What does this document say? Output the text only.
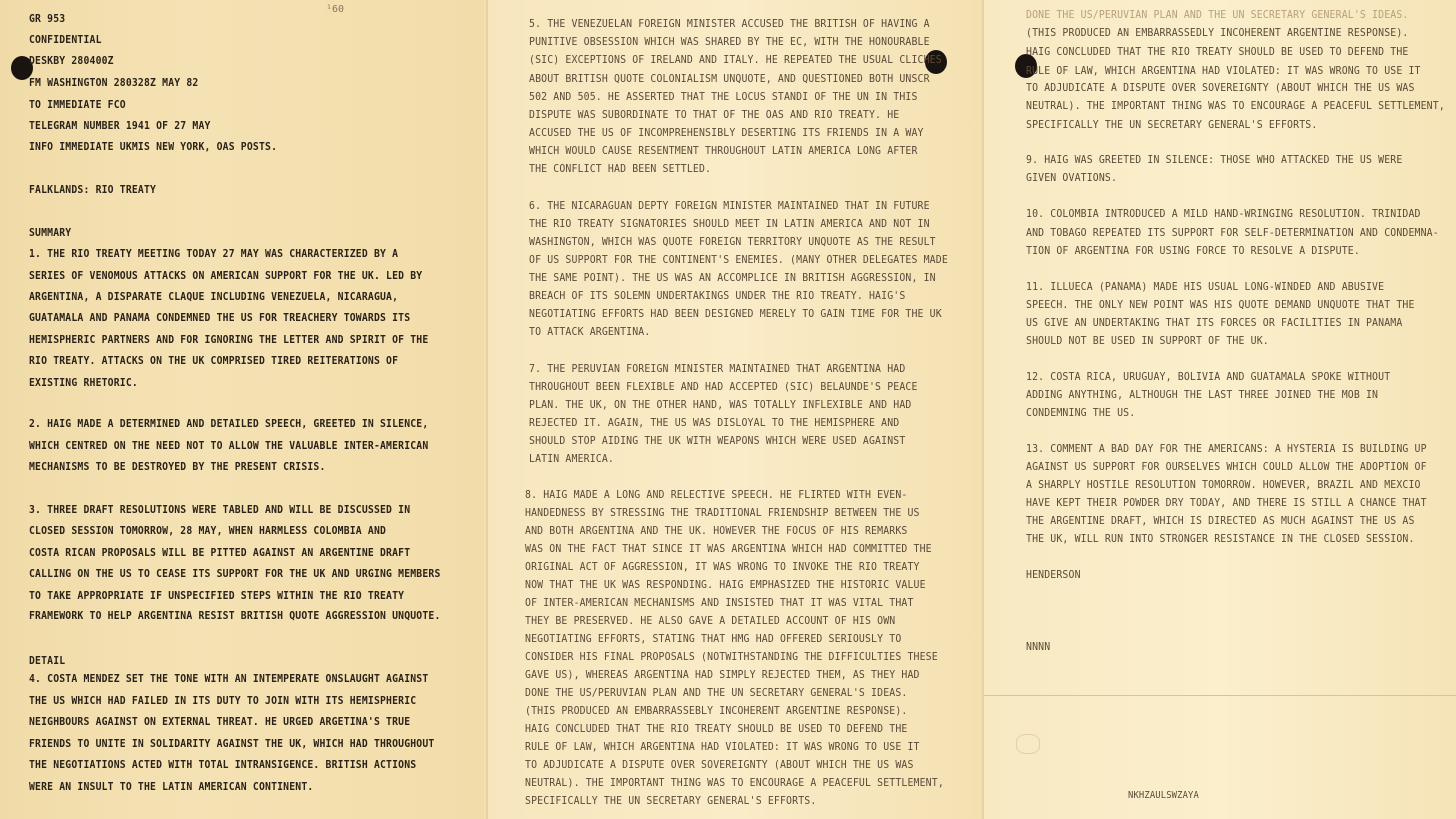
¹60
GR 953
CONFIDENTIAL
DESKBY 280400Z
FM WASHINGTON 280328Z MAY 82
TO IMMEDIATE FCO
TELEGRAM NUMBER 1941 OF 27 MAY
INFO IMMEDIATE UKMIS NEW YORK, OAS POSTS.
FALKLANDS: RIO TREATY
SUMMARY
1. THE RIO TREATY MEETING TODAY 27 MAY WAS CHARACTERIZED BY A
SERIES OF VENOMOUS ATTACKS ON AMERICAN SUPPORT FOR THE UK. LED BY
ARGENTINA, A DISPARATE CLAQUE INCLUDING VENEZUELA, NICARAGUA,
GUATAMALA AND PANAMA CONDEMNED THE US FOR TREACHERY TOWARDS ITS
HEMISPHERIC PARTNERS AND FOR IGNORING THE LETTER AND SPIRIT OF THE
RIO TREATY. ATTACKS ON THE UK COMPRISED TIRED REITERATIONS OF
EXISTING RHETORIC.
2. HAIG MADE A DETERMINED AND DETAILED SPEECH, GREETED IN SILENCE,
WHICH CENTRED ON THE NEED NOT TO ALLOW THE VALUABLE INTER-AMERICAN
MECHANISMS TO BE DESTROYED BY THE PRESENT CRISIS.
3. THREE DRAFT RESOLUTIONS WERE TABLED AND WILL BE DISCUSSED IN
CLOSED SESSION TOMORROW, 28 MAY, WHEN HARMLESS COLOMBIA AND
COSTA RICAN PROPOSALS WILL BE PITTED AGAINST AN ARGENTINE DRAFT
CALLING ON THE US TO CEASE ITS SUPPORT FOR THE UK AND URGING MEMBERS
TO TAKE APPROPRIATE IF UNSPECIFIED STEPS WITHIN THE RIO TREATY
FRAMEWORK TO HELP ARGENTINA RESIST BRITISH QUOTE AGGRESSION UNQUOTE.
DETAIL
4. COSTA MENDEZ SET THE TONE WITH AN INTEMPERATE ONSLAUGHT AGAINST
THE US WHICH HAD FAILED IN ITS DUTY TO JOIN WITH ITS HEMISPHERIC
NEIGHBOURS AGAINST ON EXTERNAL THREAT. HE URGED ARGETINA'S TRUE
FRIENDS TO UNITE IN SOLIDARITY AGAINST THE UK, WHICH HAD THROUGHOUT
THE NEGOTIATIONS ACTED WITH TOTAL INTRANSIGENCE. BRITISH ACTIONS
WERE AN INSULT TO THE LATIN AMERICAN CONTINENT.
5. THE VENEZUELAN FOREIGN MINISTER ACCUSED THE BRITISH OF HAVING A
PUNITIVE OBSESSION WHICH WAS SHARED BY THE EC, WITH THE HONOURABLE
(SIC) EXCEPTIONS OF IRELAND AND ITALY. HE REPEATED THE USUAL CLICHES
ABOUT BRITISH QUOTE COLONIALISM UNQUOTE, AND QUESTIONED BOTH UNSCR
502 AND 505. HE ASSERTED THAT THE LOCUS STANDI OF THE UN IN THIS
DISPUTE WAS SUBORDINATE TO THAT OF THE OAS AND RIO TREATY. HE
ACCUSED THE US OF INCOMPREHENSIBLY DESERTING ITS FRIENDS IN A WAY
WHICH WOULD CAUSE RESENTMENT THROUGHOUT LATIN AMERICA LONG AFTER
THE CONFLICT HAD BEEN SETTLED.
6. THE NICARAGUAN DEPTY FOREIGN MINISTER MAINTAINED THAT IN FUTURE
THE RIO TREATY SIGNATORIES SHOULD MEET IN LATIN AMERICA AND NOT IN
WASHINGTON, WHICH WAS QUOTE FOREIGN TERRITORY UNQUOTE AS THE RESULT
OF US SUPPORT FOR THE CONTINENT'S ENEMIES. (MANY OTHER DELEGATES MADE
THE SAME POINT). THE US WAS AN ACCOMPLICE IN BRITISH AGGRESSION, IN
BREACH OF ITS SOLEMN UNDERTAKINGS UNDER THE RIO TREATY. HAIG'S
NEGOTIATING EFFORTS HAD BEEN DESIGNED MERELY TO GAIN TIME FOR THE UK
TO ATTACK ARGENTINA.
7. THE PERUVIAN FOREIGN MINISTER MAINTAINED THAT ARGENTINA HAD
THROUGHOUT BEEN FLEXIBLE AND HAD ACCEPTED (SIC) BELAUNDE'S PEACE
PLAN. THE UK, ON THE OTHER HAND, WAS TOTALLY INFLEXIBLE AND HAD
REJECTED IT. AGAIN, THE US WAS DISLOYAL TO THE HEMISPHERE AND
SHOULD STOP AIDING THE UK WITH WEAPONS WHICH WERE USED AGAINST
LATIN AMERICA.
8. HAIG MADE A LONG AND RELECTIVE SPEECH. HE FLIRTED WITH EVEN-
HANDEDNESS BY STRESSING THE TRADITIONAL FRIENDSHIP BETWEEN THE US
AND BOTH ARGENTINA AND THE UK. HOWEVER THE FOCUS OF HIS REMARKS
WAS ON THE FACT THAT SINCE IT WAS ARGENTINA WHICH HAD COMMITTED THE
ORIGINAL ACT OF AGGRESSION, IT WAS WRONG TO INVOKE THE RIO TREATY
NOW THAT THE UK WAS RESPONDING. HAIG EMPHASIZED THE HISTORIC VALUE
OF INTER-AMERICAN MECHANISMS AND INSISTED THAT IT WAS VITAL THAT
THEY BE PRESERVED. HE ALSO GAVE A DETAILED ACCOUNT OF HIS OWN
NEGOTIATING EFFORTS, STATING THAT HMG HAD OFFERED SERIOUSLY TO
CONSIDER HIS FINAL PROPOSALS (NOTWITHSTANDING THE DIFFICULTIES THESE
GAVE US), WHEREAS ARGENTINA HAD SIMPLY REJECTED THEM, AS THEY HAD
DONE THE US/PERUVIAN PLAN AND THE UN SECRETARY GENERAL'S IDEAS.
(THIS PRODUCED AN EMBARRASSEBLY INCOHERENT ARGENTINE RESPONSE).
HAIG CONCLUDED THAT THE RIO TREATY SHOULD BE USED TO DEFEND THE
RULE OF LAW, WHICH ARGENTINA HAD VIOLATED: IT WAS WRONG TO USE IT
TO ADJUDICATE A DISPUTE OVER SOVEREIGNTY (ABOUT WHICH THE US WAS
NEUTRAL). THE IMPORTANT THING WAS TO ENCOURAGE A PEACEFUL SETTLEMENT,
SPECIFICALLY THE UN SECRETARY GENERAL'S EFFORTS.
DONE THE US/PERUVIAN PLAN AND THE UN SECRETARY GENERAL'S IDEAS.
(THIS PRODUCED AN EMBARRASSEDLY INCOHERENT ARGENTINE RESPONSE).
HAIG CONCLUDED THAT THE RIO TREATY SHOULD BE USED TO DEFEND THE
RULE OF LAW, WHICH ARGENTINA HAD VIOLATED: IT WAS WRONG TO USE IT
TO ADJUDICATE A DISPUTE OVER SOVEREIGNTY (ABOUT WHICH THE US WAS
NEUTRAL). THE IMPORTANT THING WAS TO ENCOURAGE A PEACEFUL SETTLEMENT,
SPECIFICALLY THE UN SECRETARY GENERAL'S EFFORTS.
9. HAIG WAS GREETED IN SILENCE: THOSE WHO ATTACKED THE US WERE
GIVEN OVATIONS.
10. COLOMBIA INTRODUCED A MILD HAND-WRINGING RESOLUTION. TRINIDAD
AND TOBAGO REPEATED ITS SUPPORT FOR SELF-DETERMINATION AND CONDEMNA-
TION OF ARGENTINA FOR USING FORCE TO RESOLVE A DISPUTE.
11. ILLUECA (PANAMA) MADE HIS USUAL LONG-WINDED AND ABUSIVE
SPEECH. THE ONLY NEW POINT WAS HIS QUOTE DEMAND UNQUOTE THAT THE
US GIVE AN UNDERTAKING THAT ITS FORCES OR FACILITIES IN PANAMA
SHOULD NOT BE USED IN SUPPORT OF THE UK.
12. COSTA RICA, URUGUAY, BOLIVIA AND GUATAMALA SPOKE WITHOUT
ADDING ANYTHING, ALTHOUGH THE LAST THREE JOINED THE MOB IN
CONDEMNING THE US.
13. COMMENT A BAD DAY FOR THE AMERICANS: A HYSTERIA IS BUILDING UP
AGAINST US SUPPORT FOR OURSELVES WHICH COULD ALLOW THE ADOPTION OF
A SHARPLY HOSTILE RESOLUTION TOMORROW. HOWEVER, BRAZIL AND MEXCIO
HAVE KEPT THEIR POWDER DRY TODAY, AND THERE IS STILL A CHANCE THAT
THE ARGENTINE DRAFT, WHICH IS DIRECTED AS MUCH AGAINST THE US AS
THE UK, WILL RUN INTO STRONGER RESISTANCE IN THE CLOSED SESSION.
HENDERSON
NNNN
NKHZAULSWZAYA
